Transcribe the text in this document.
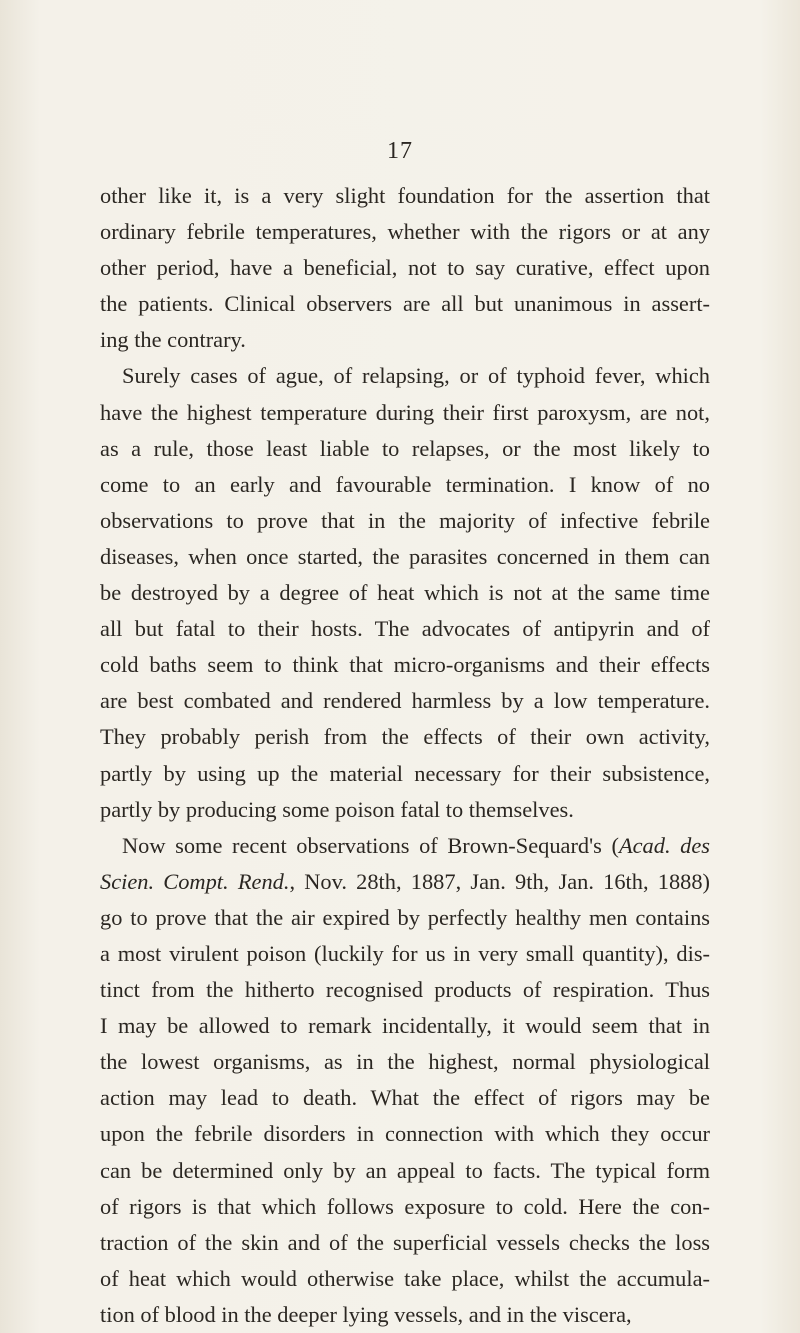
17
other like it, is a very slight foundation for the assertion that
ordinary febrile temperatures, whether with the rigors or at any
other period, have a beneficial, not to say curative, effect upon
the patients. Clinical observers are all but unanimous in assert-
ing the contrary.
Surely cases of ague, of relapsing, or of typhoid fever, which
have the highest temperature during their first paroxysm, are not,
as a rule, those least liable to relapses, or the most likely to
come to an early and favourable termination. I know of no
observations to prove that in the majority of infective febrile
diseases, when once started, the parasites concerned in them can
be destroyed by a degree of heat which is not at the same time
all but fatal to their hosts. The advocates of antipyrin and of
cold baths seem to think that micro-organisms and their effects
are best combated and rendered harmless by a low temperature.
They probably perish from the effects of their own activity,
partly by using up the material necessary for their subsistence,
partly by producing some poison fatal to themselves.
Now some recent observations of Brown-Sequard's (Acad. des
Scien. Compt. Rend., Nov. 28th, 1887, Jan. 9th, Jan. 16th, 1888)
go to prove that the air expired by perfectly healthy men contains
a most virulent poison (luckily for us in very small quantity), dis-
tinct from the hitherto recognised products of respiration. Thus
I may be allowed to remark incidentally, it would seem that in
the lowest organisms, as in the highest, normal physiological
action may lead to death. What the effect of rigors may be
upon the febrile disorders in connection with which they occur
can be determined only by an appeal to facts. The typical form
of rigors is that which follows exposure to cold. Here the con-
traction of the skin and of the superficial vessels checks the loss
of heat which would otherwise take place, whilst the accumula-
tion of blood in the deeper lying vessels, and in the viscera,
